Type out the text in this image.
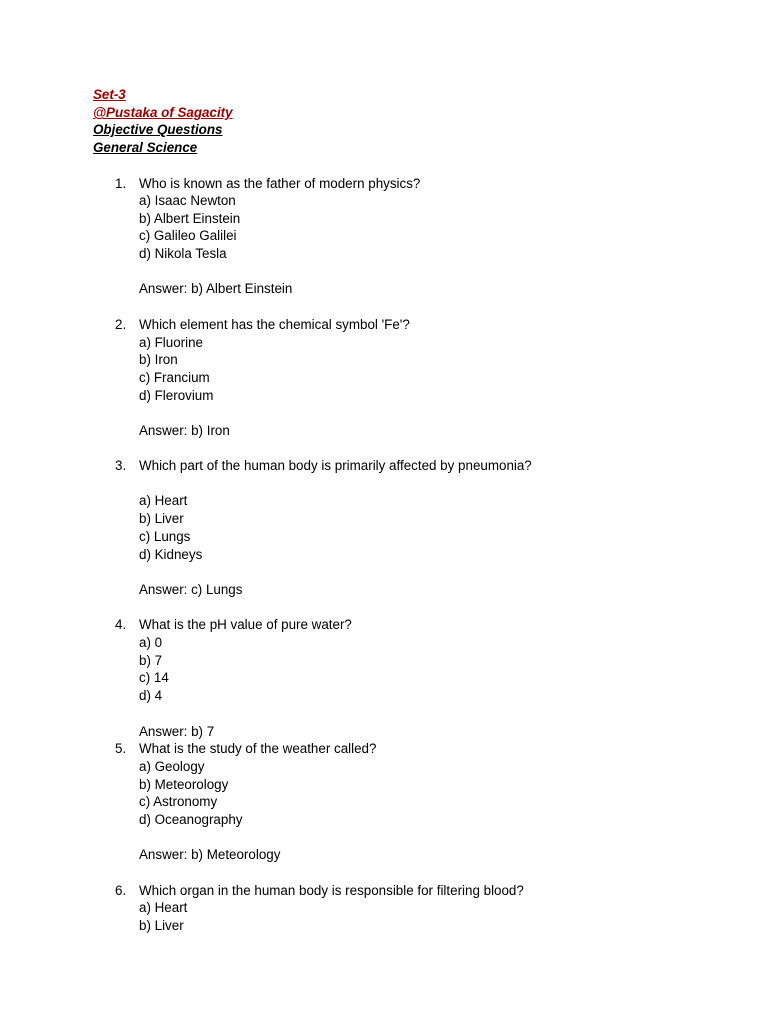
Set-3
@Pustaka of Sagacity
Objective Questions
General Science
1. Who is known as the father of modern physics?
a) Isaac Newton
b) Albert Einstein
c) Galileo Galilei
d) Nikola Tesla
Answer: b) Albert Einstein
2. Which element has the chemical symbol 'Fe'?
a) Fluorine
b) Iron
c) Francium
d) Flerovium
Answer: b) Iron
3. Which part of the human body is primarily affected by pneumonia?
a) Heart
b) Liver
c) Lungs
d) Kidneys
Answer: c) Lungs
4. What is the pH value of pure water?
a) 0
b) 7
c) 14
d) 4
Answer: b) 7
5. What is the study of the weather called?
a) Geology
b) Meteorology
c) Astronomy
d) Oceanography
Answer: b) Meteorology
6. Which organ in the human body is responsible for filtering blood?
a) Heart
b) Liver
